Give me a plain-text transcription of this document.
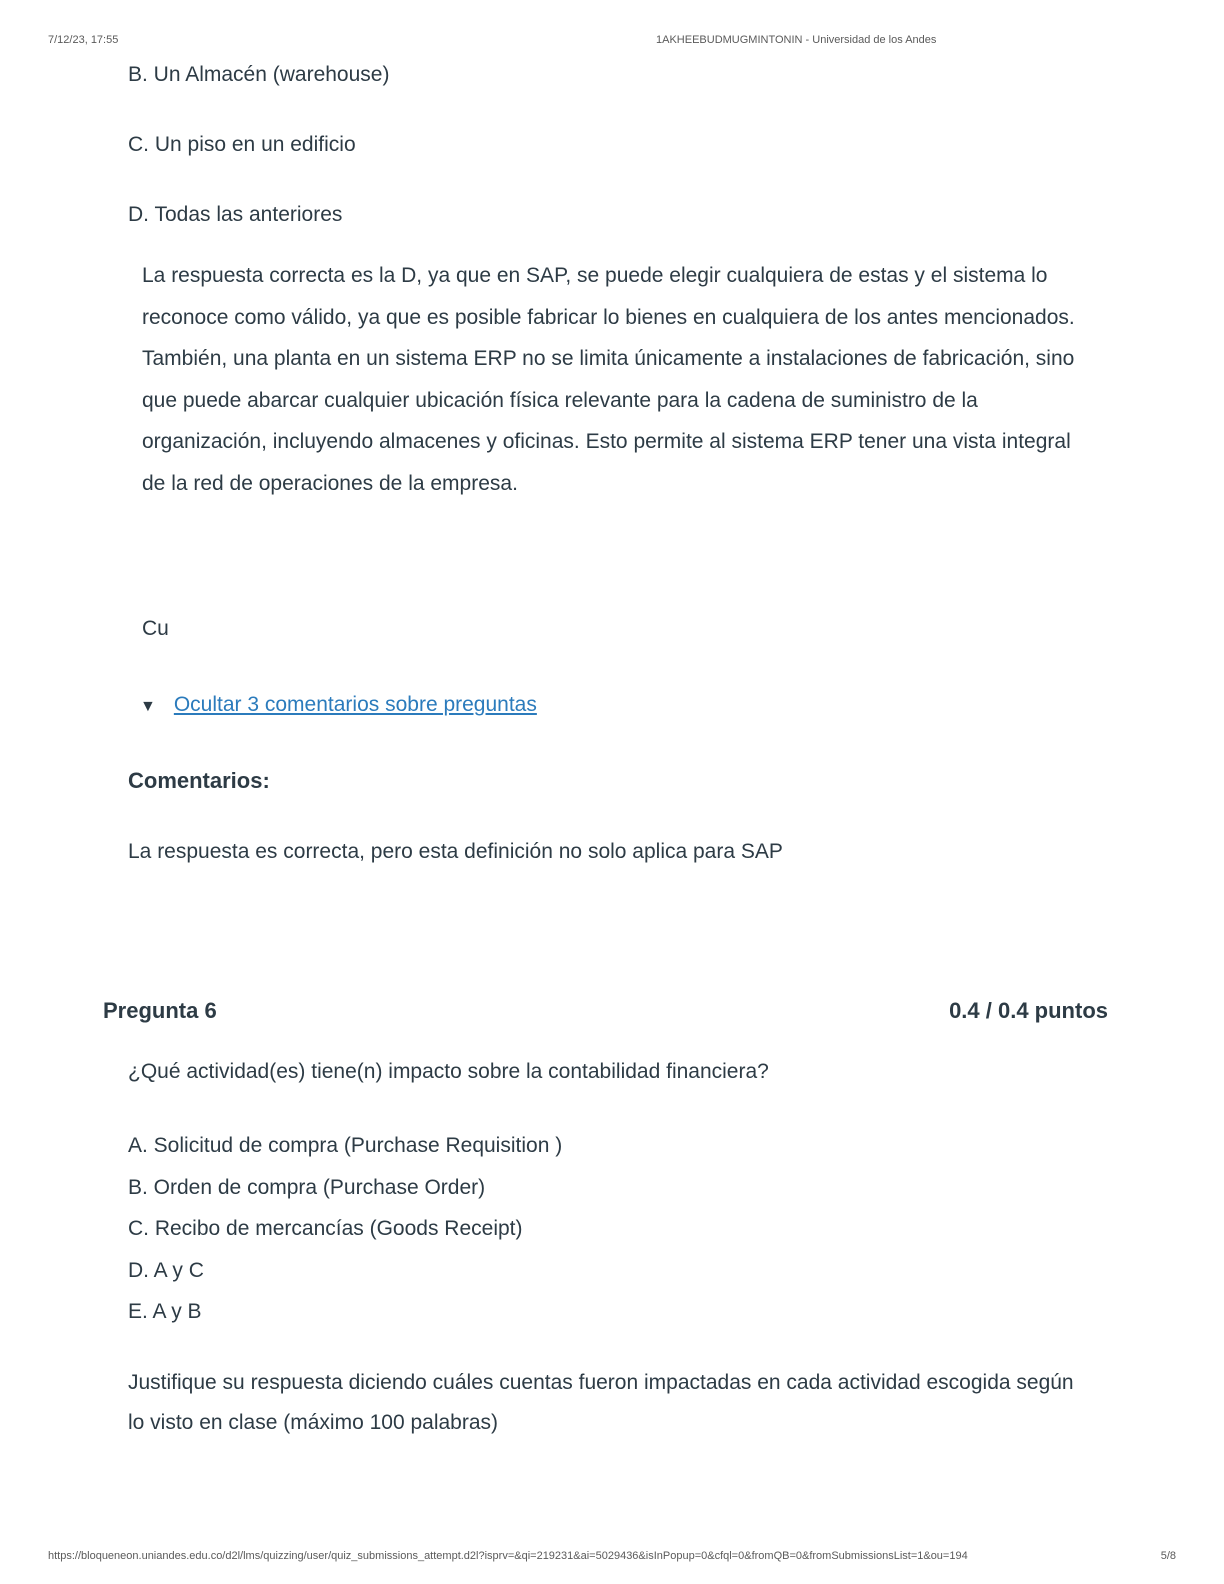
7/12/23, 17:55	1AKHEEBUDMUGMINTONIN - Universidad de los Andes
B. Un Almacén (warehouse)
C. Un piso en un edificio
D. Todas las anteriores

La respuesta correcta es la D, ya que en SAP, se puede elegir cualquiera de estas y el sistema lo reconoce como válido, ya que es posible fabricar lo bienes en cualquiera de los antes mencionados. También, una planta en un sistema ERP no se limita únicamente a instalaciones de fabricación, sino que puede abarcar cualquier ubicación física relevante para la cadena de suministro de la organización, incluyendo almacenes y oficinas. Esto permite al sistema ERP tener una vista integral de la red de operaciones de la empresa.

Cu
▼ Ocultar 3 comentarios sobre preguntas
Comentarios:
La respuesta es correcta, pero esta definición no solo aplica para SAP
Pregunta 6	0.4 / 0.4 puntos
¿Qué actividad(es) tiene(n) impacto sobre la contabilidad financiera?
A. Solicitud de compra (Purchase Requisition )
B. Orden de compra (Purchase Order)
C. Recibo de mercancías (Goods Receipt)
D. A y C
E. A y B

Justifique su respuesta diciendo cuáles cuentas fueron impactadas en cada actividad escogida según lo visto en clase (máximo 100 palabras)

https://bloqueneon.uniandes.edu.co/d2l/lms/quizzing/user/quiz_submissions_attempt.d2l?isprv=&qi=219231&ai=5029436&isInPopup=0&cfql=0&fromQB=0&fromSubmissionsList=1&ou=194	5/8
